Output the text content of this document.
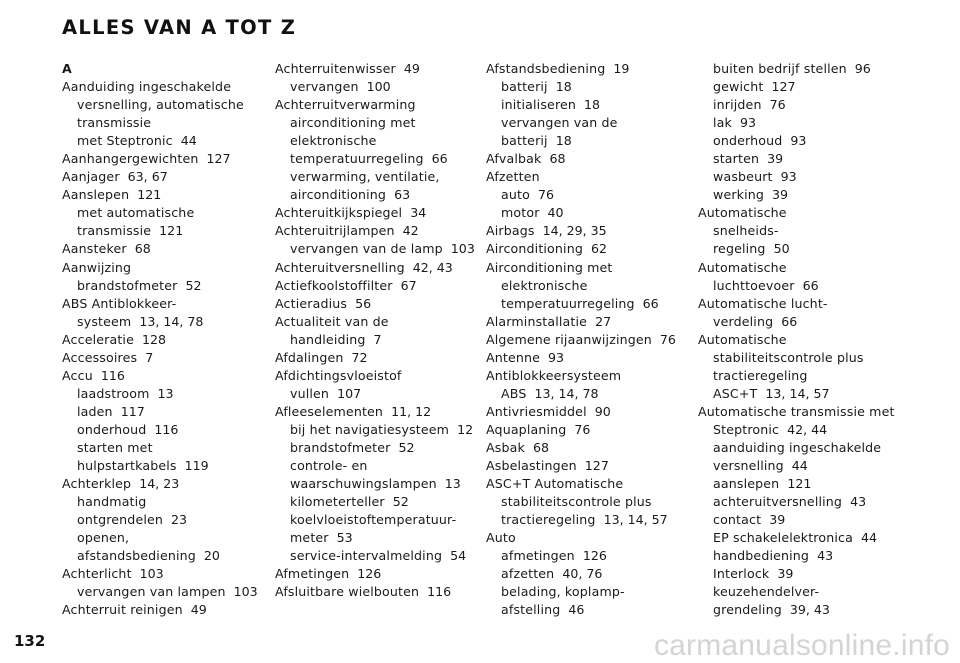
ALLES VAN A TOT Z
A
Aanduiding ingeschakelde
versnelling, automatische
transmissie
met Steptronic 44
Aanhangergewichten 127
Aanjager 63, 67
Aanslepen 121
met automatische
transmissie 121
Aansteker 68
Aanwijzing
brandstofmeter 52
ABS Antiblokkeer-
systeem 13, 14, 78
Acceleratie 128
Accessoires 7
Accu 116
laadstroom 13
laden 117
onderhoud 116
starten met
hulpstartkabels 119
Achterklep 14, 23
handmatig
ontgrendelen 23
openen,
afstandsbediening 20
Achterlicht 103
vervangen van lampen 103
Achterruit reinigen 49
Achterruitenwisser 49
vervangen 100
Achterruitverwarming
airconditioning met
elektronische
temperatuurregeling 66
verwarming, ventilatie,
airconditioning 63
Achteruitkijkspiegel 34
Achteruitrijlampen 42
vervangen van de lamp 103
Achteruitversnelling 42, 43
Actiefkoolstoffilter 67
Actieradius 56
Actualiteit van de
handleiding 7
Afdalingen 72
Afdichtingsvloeistof
vullen 107
Afleeselementen 11, 12
bij het navigatiesysteem 12
brandstofmeter 52
controle- en
waarschuwingslampen 13
kilometerteller 52
koelvloeistoftemperatuur-
meter 53
service-intervalmelding 54
Afmetingen 126
Afsluitbare wielbouten 116
Afstandsbediening 19
batterij 18
initialiseren 18
vervangen van de
batterij 18
Afvalbak 68
Afzetten
auto 76
motor 40
Airbags 14, 29, 35
Airconditioning 62
Airconditioning met
elektronische
temperatuurregeling 66
Alarminstallatie 27
Algemene rijaanwijzingen 76
Antenne 93
Antiblokkeersysteem
ABS 13, 14, 78
Antivriesmiddel 90
Aquaplaning 76
Asbak 68
Asbelastingen 127
ASC+T Automatische
stabiliteitscontrole plus
tractieregeling 13, 14, 57
Auto
afmetingen 126
afzetten 40, 76
belading, koplamp-
afstelling 46
buiten bedrijf stellen 96
gewicht 127
inrijden 76
lak 93
onderhoud 93
starten 39
wasbeurt 93
werking 39
Automatische
snelheids-
regeling 50
Automatische
luchttoevoer 66
Automatische lucht-
verdeling 66
Automatische
stabiliteitscontrole plus
tractieregeling
ASC+T 13, 14, 57
Automatische transmissie met
Steptronic 42, 44
aanduiding ingeschakelde
versnelling 44
aanslepen 121
achteruitversnelling 43
contact 39
EP schakelelektronica 44
handbediening 43
Interlock 39
keuzehendelver-
grendeling 39, 43
132	carmanualsonline.info
